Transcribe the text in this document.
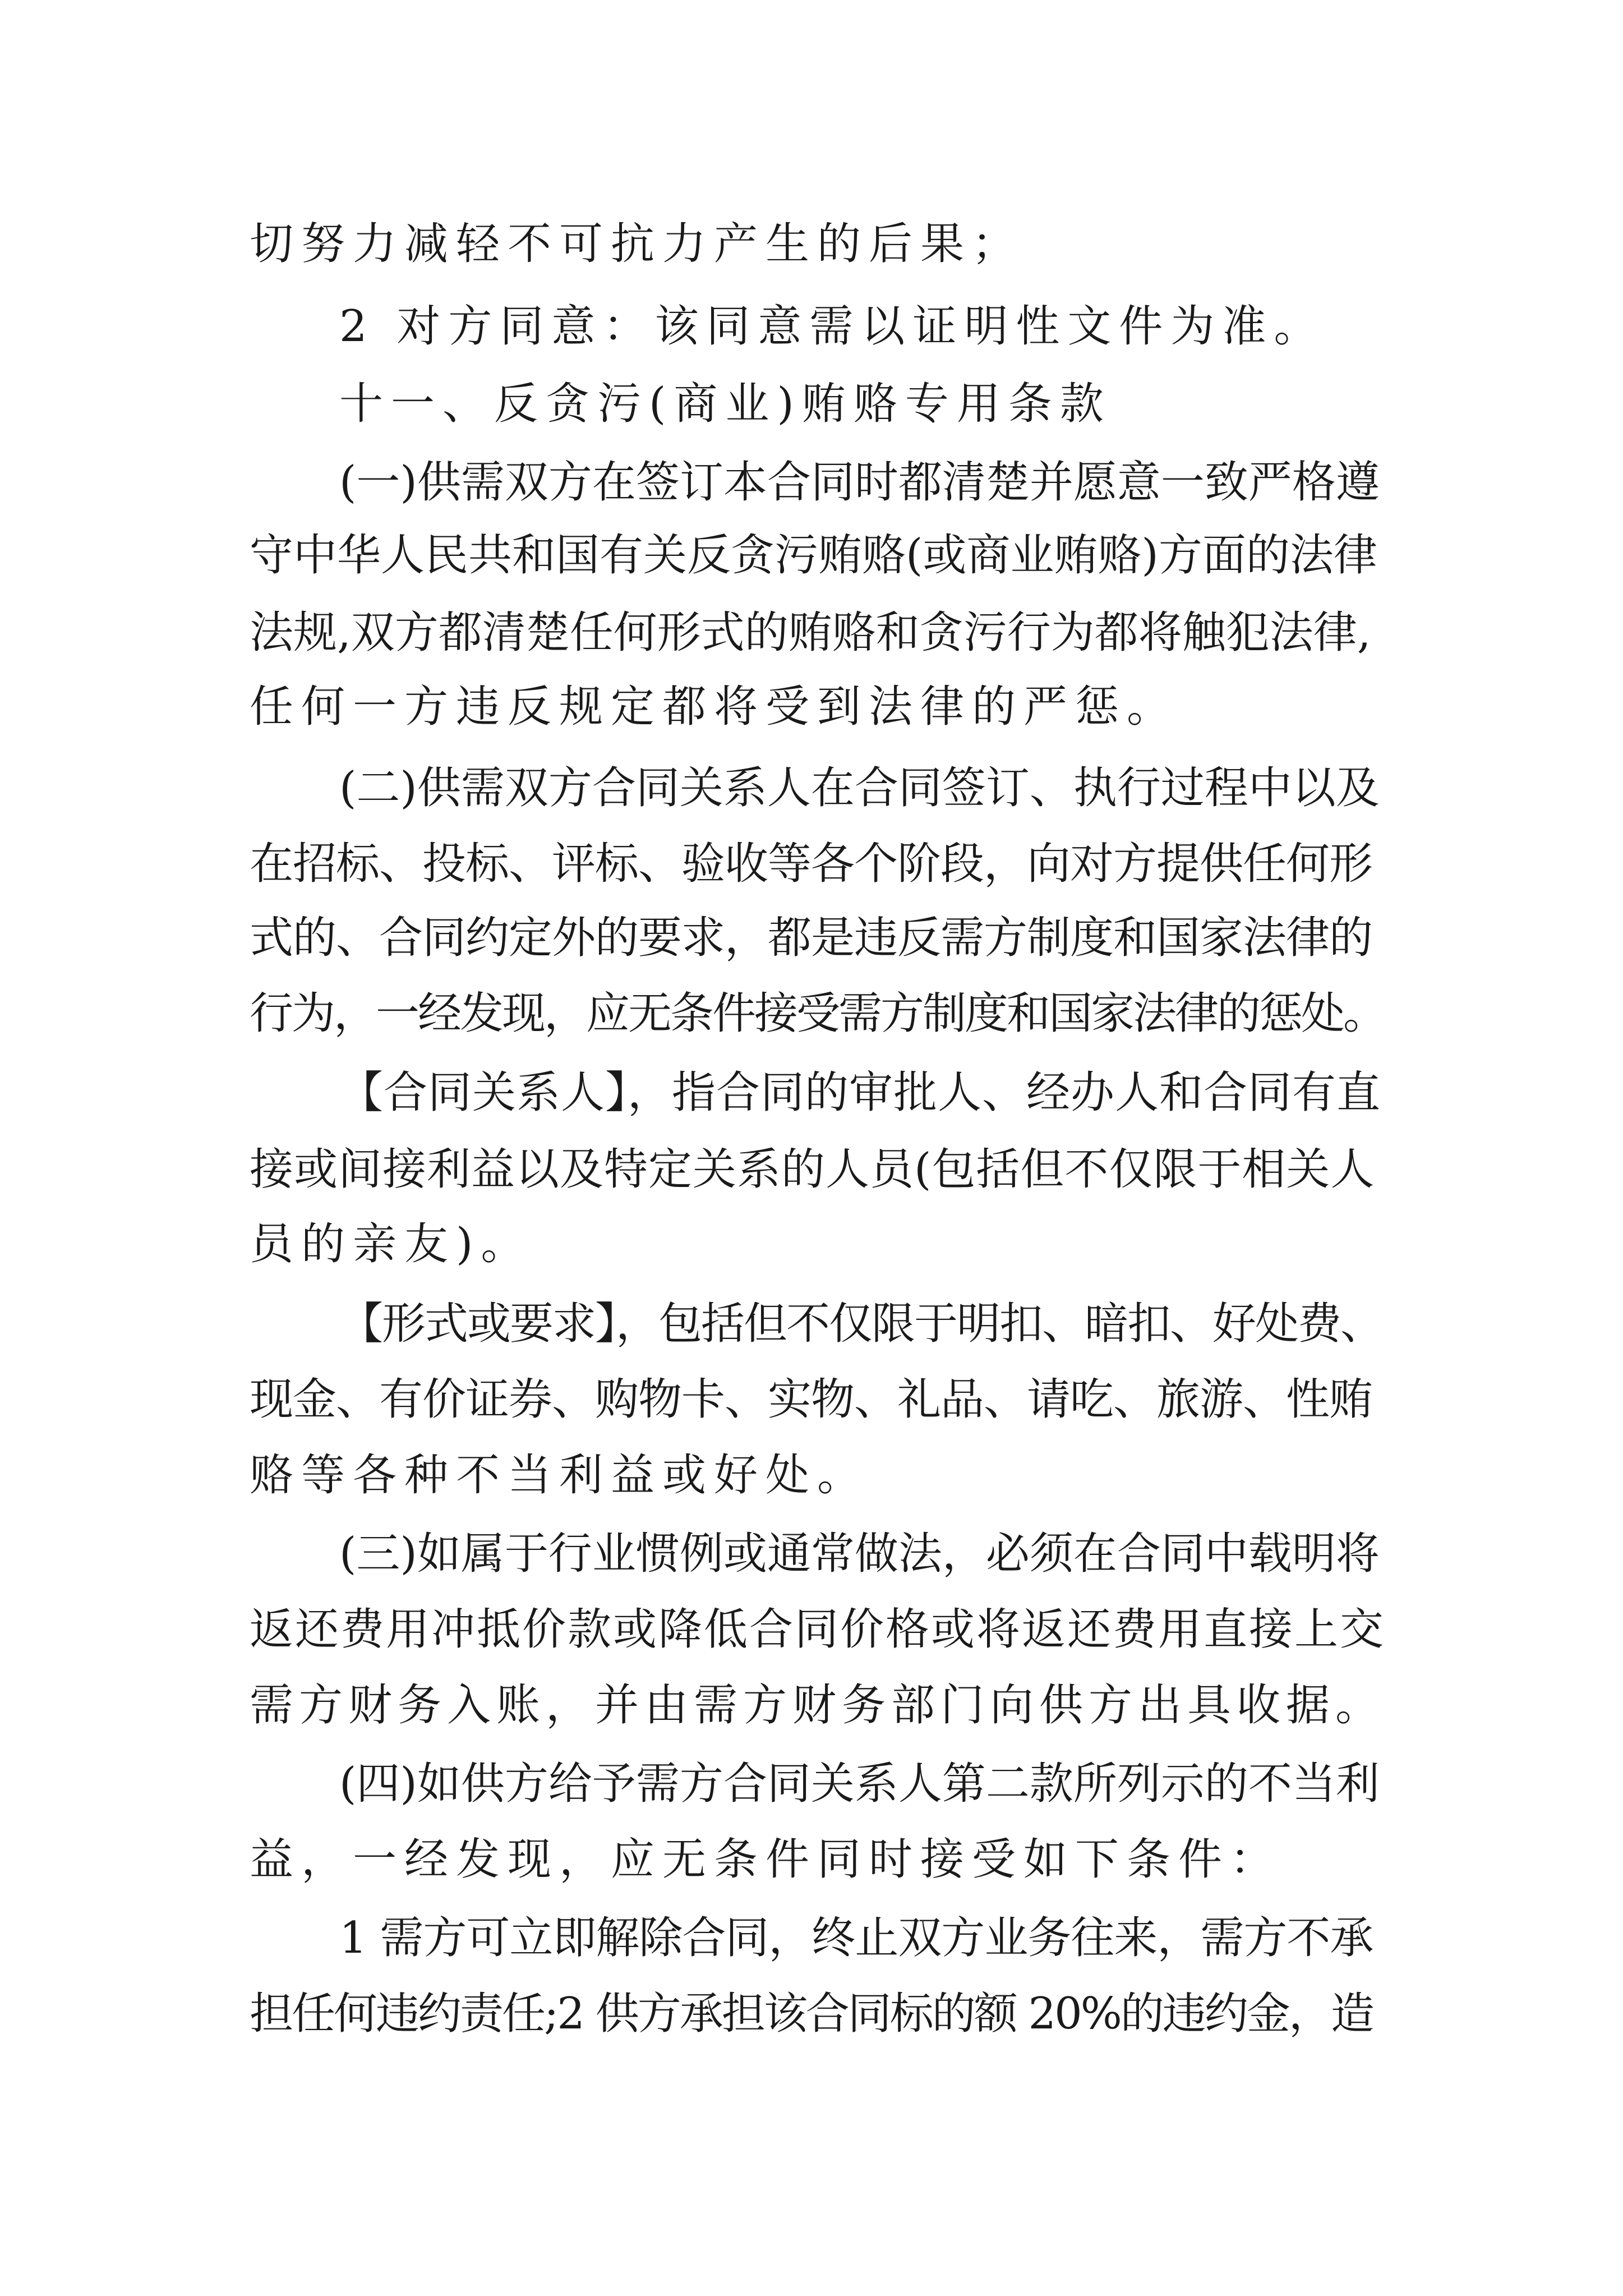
切努力减轻不可抗力产生的后果；
2 对方同意：该同意需以证明性文件为准。
十一、反贪污(商业)贿赂专用条款
(一)供需双方在签订本合同时都清楚并愿意一致严格遵
守中华人民共和国有关反贪污贿赂(或商业贿赂)方面的法律
法规,双方都清楚任何形式的贿赂和贪污行为都将触犯法律,
任何一方违反规定都将受到法律的严惩。
(二)供需双方合同关系人在合同签订、执行过程中以及
在招标、投标、评标、验收等各个阶段，向对方提供任何形
式的、合同约定外的要求，都是违反需方制度和国家法律的
行为，一经发现，应无条件接受需方制度和国家法律的惩处。
【合同关系人】，指合同的审批人、经办人和合同有直
接或间接利益以及特定关系的人员(包括但不仅限于相关人
员的亲友)。
【形式或要求】，包括但不仅限于明扣、暗扣、好处费、
现金、有价证券、购物卡、实物、礼品、请吃、旅游、性贿
赂等各种不当利益或好处。
(三)如属于行业惯例或通常做法，必须在合同中载明将
返还费用冲抵价款或降低合同价格或将返还费用直接上交
需方财务入账，并由需方财务部门向供方出具收据。
(四)如供方给予需方合同关系人第二款所列示的不当利
益，一经发现，应无条件同时接受如下条件：
1 需方可立即解除合同，终止双方业务往来，需方不承
担任何违约责任;2 供方承担该合同标的额 20%的违约金，造
